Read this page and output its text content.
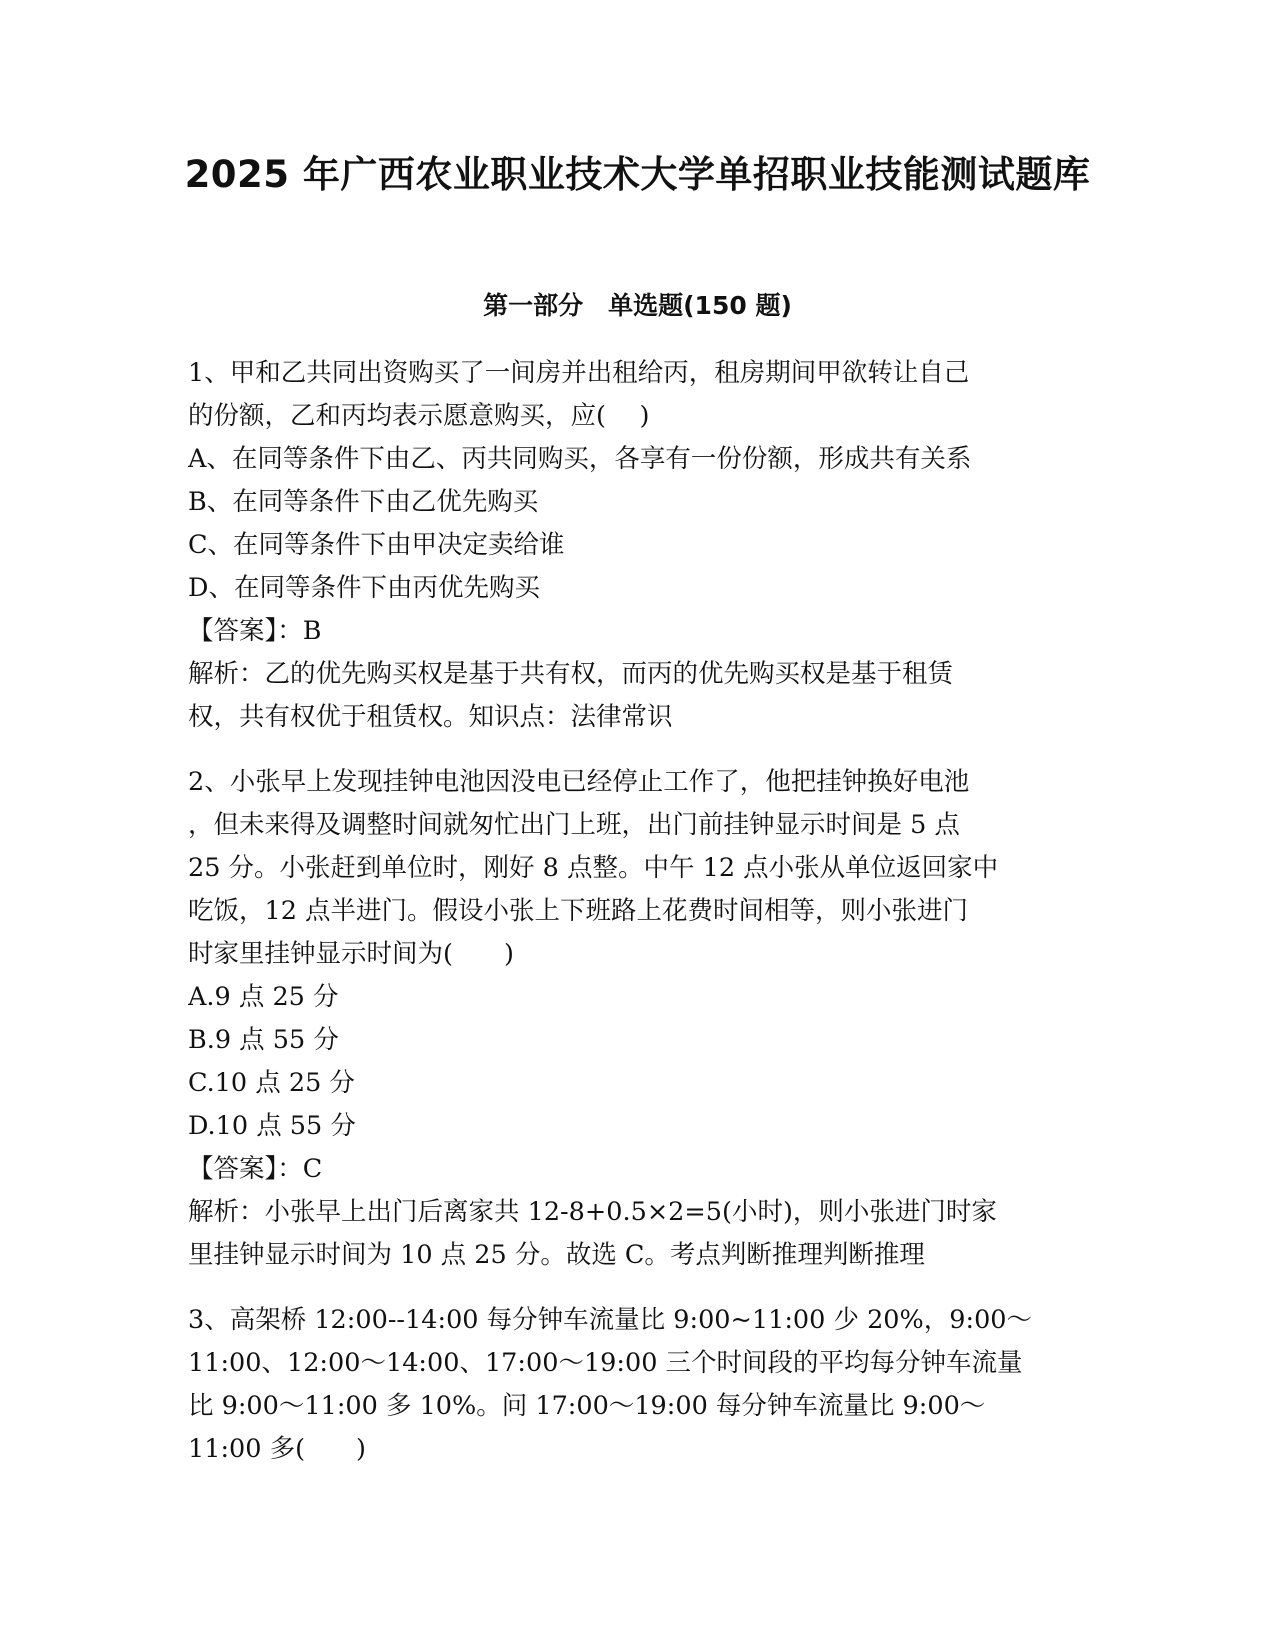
2025 年广西农业职业技术大学单招职业技能测试题库
第一部分　单选题(150 题)
1、甲和乙共同出资购买了一间房并出租给丙，租房期间甲欲转让自己
的份额，乙和丙均表示愿意购买，应(　 )
A、在同等条件下由乙、丙共同购买，各享有一份份额，形成共有关系
B、在同等条件下由乙优先购买
C、在同等条件下由甲决定卖给谁
D、在同等条件下由丙优先购买
【答案】：B
解析：乙的优先购买权是基于共有权，而丙的优先购买权是基于租赁
权，共有权优于租赁权。知识点：法律常识
2、小张早上发现挂钟电池因没电已经停止工作了，他把挂钟换好电池
，但未来得及调整时间就匆忙出门上班，出门前挂钟显示时间是 5 点
25 分。小张赶到单位时，刚好 8 点整。中午 12 点小张从单位返回家中
吃饭，12 点半进门。假设小张上下班路上花费时间相等，则小张进门
时家里挂钟显示时间为(　　)
A.9 点 25 分
B.9 点 55 分
C.10 点 25 分
D.10 点 55 分
【答案】：C
解析：小张早上出门后离家共 12-8+0.5×2=5(小时)，则小张进门时家
里挂钟显示时间为 10 点 25 分。故选 C。考点判断推理判断推理
3、高架桥 12:00--14:00 每分钟车流量比 9:00~11:00 少 20%，9:00～
11:00、12:00～14:00、17:00～19:00 三个时间段的平均每分钟车流量
比 9:00～11:00 多 10%。问 17:00～19:00 每分钟车流量比 9:00～
11:00 多(　　)
